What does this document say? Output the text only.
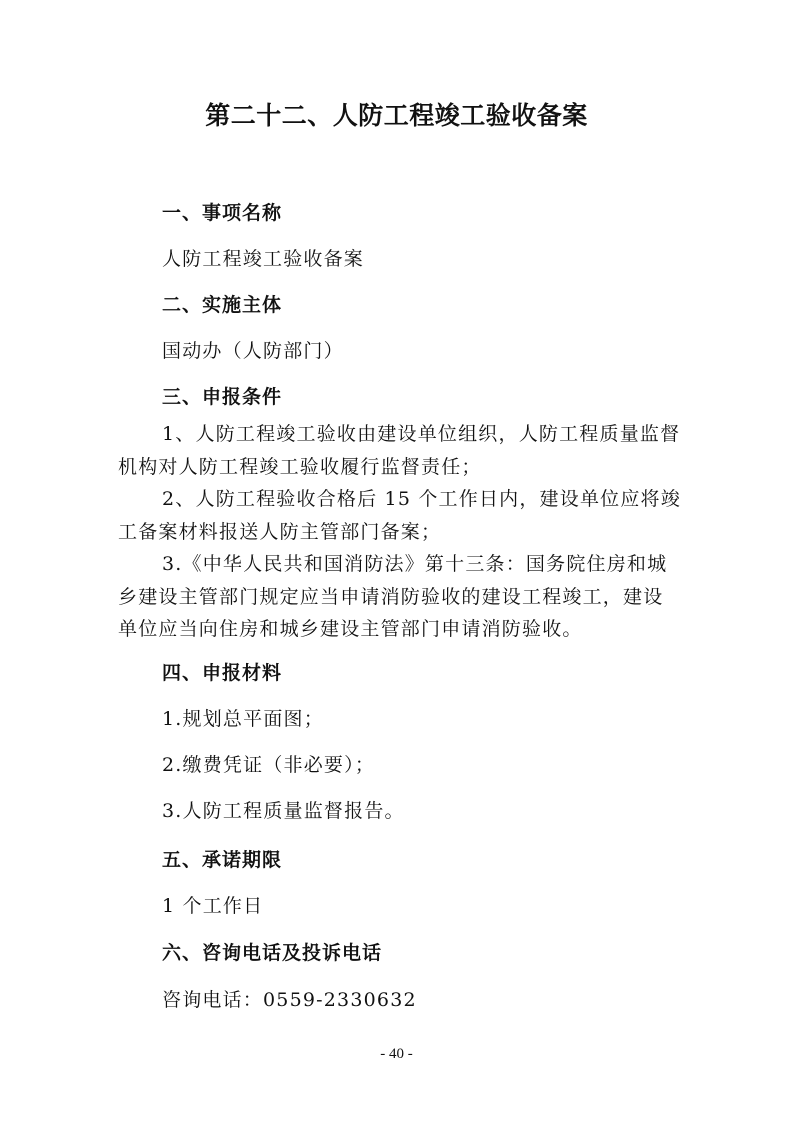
第二十二、人防工程竣工验收备案
一、事项名称

人防工程竣工验收备案

二、实施主体

国动办（人防部门）

三、申报条件

1、人防工程竣工验收由建设单位组织，人防工程质量监督

机构对人防工程竣工验收履行监督责任；

2、人防工程验收合格后 15 个工作日内，建设单位应将竣

工备案材料报送人防主管部门备案；

3.《中华人民共和国消防法》第十三条：国务院住房和城

乡建设主管部门规定应当申请消防验收的建设工程竣工，建设

单位应当向住房和城乡建设主管部门申请消防验收。

四、申报材料

1.规划总平面图；

2.缴费凭证（非必要）；

3.人防工程质量监督报告。

五、承诺期限

1 个工作日

六、咨询电话及投诉电话

咨询电话：0559-2330632

- 40 -
